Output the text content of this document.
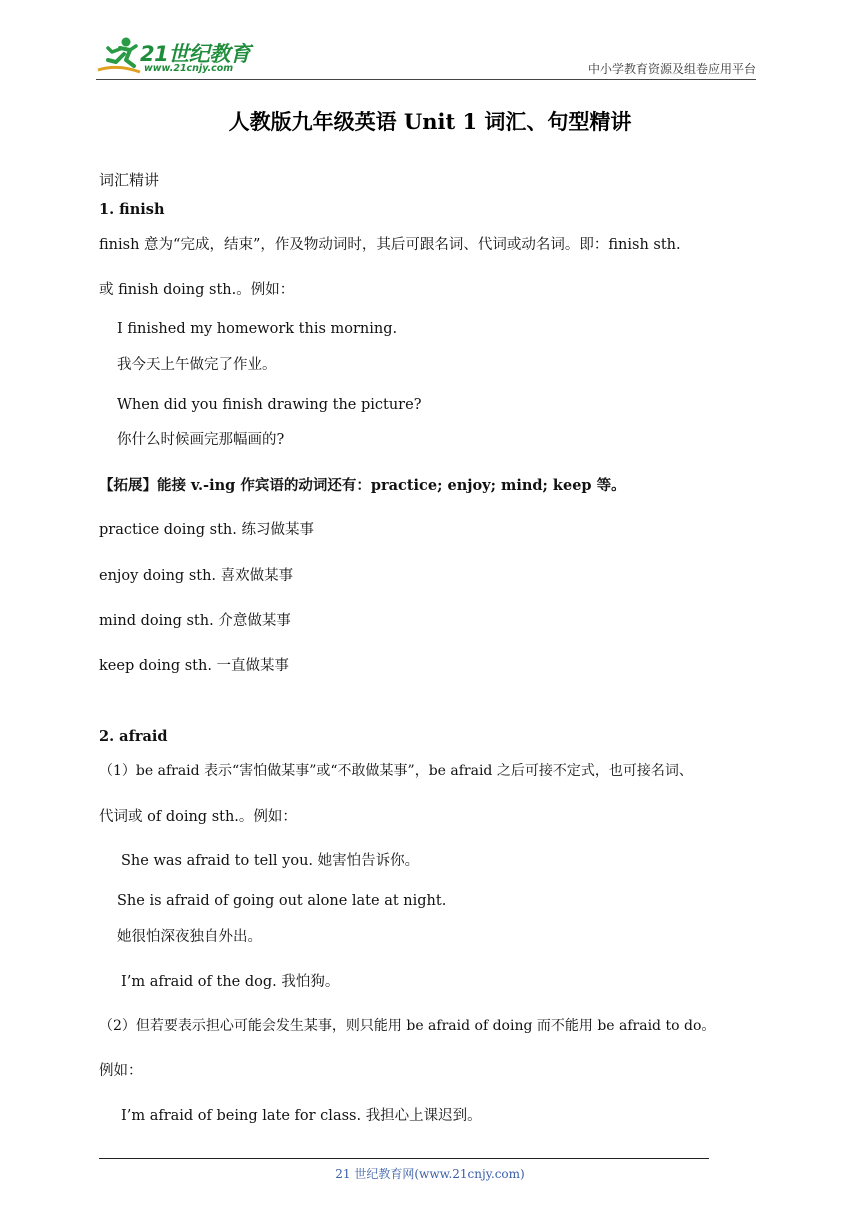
21世纪教育
www.21cnjy.com	中小学教育资源及组卷应用平台
人教版九年级英语 Unit 1 词汇、句型精讲
词汇精讲
1. finish
finish 意为“完成，结束”，作及物动词时，其后可跟名词、代词或动名词。即：finish sth.
或 finish doing sth.。例如：
I finished my homework this morning.
我今天上午做完了作业。
When did you finish drawing the picture?
你什么时候画完那幅画的?
【拓展】能接 v.-ing 作宾语的动词还有：practice; enjoy; mind; keep 等。
practice doing sth. 练习做某事
enjoy doing sth. 喜欢做某事
mind doing sth. 介意做某事
keep doing sth. 一直做某事
2. afraid
（1）be afraid 表示“害怕做某事”或“不敢做某事”，be afraid 之后可接不定式，也可接名词、
代词或 of doing sth.。例如：
She was afraid to tell you. 她害怕告诉你。
She is afraid of going out alone late at night.
她很怕深夜独自外出。
I’m afraid of the dog. 我怕狗。
（2）但若要表示担心可能会发生某事，则只能用 be afraid of doing 而不能用 be afraid to do。
例如：
I’m afraid of being late for class. 我担心上课迟到。
21 世纪教育网(www.21cnjy.com)
